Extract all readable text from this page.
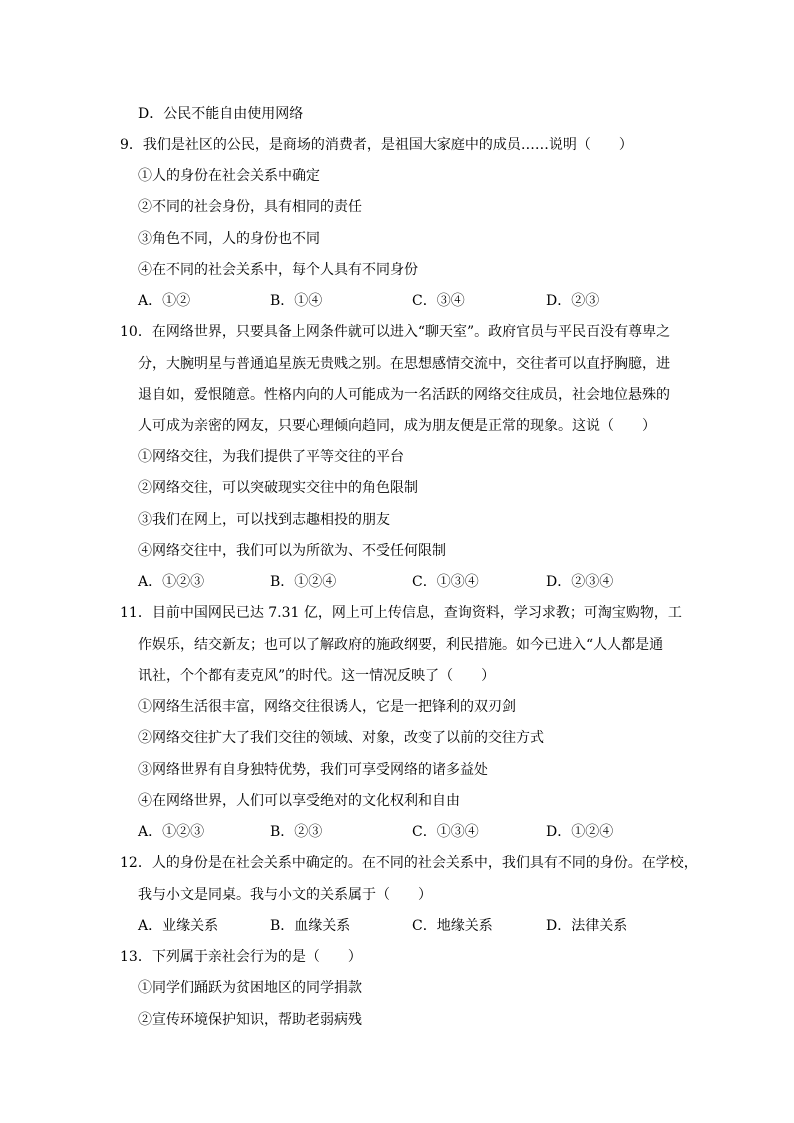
D．公民不能自由使用网络
9．我们是社区的公民，是商场的消费者，是祖国大家庭中的成员……说明（　　）
①人的身份在社会关系中确定
②不同的社会身份，具有相同的责任
③角色不同，人的身份也不同
④在不同的社会关系中，每个人具有不同身份
A．①②	B．①④	C．③④	D．②③
10．在网络世界，只要具备上网条件就可以进入“聊天室”。政府官员与平民百没有尊卑之
分，大腕明星与普通追星族无贵贱之别。在思想感情交流中，交往者可以直抒胸臆，进
退自如，爱恨随意。性格内向的人可能成为一名活跃的网络交往成员，社会地位悬殊的
人可成为亲密的网友，只要心理倾向趋同，成为朋友便是正常的现象。这说（　　）
①网络交往，为我们提供了平等交往的平台
②网络交往，可以突破现实交往中的角色限制
③我们在网上，可以找到志趣相投的朋友
④网络交往中，我们可以为所欲为、不受任何限制
A．①②③	B．①②④	C．①③④	D．②③④
11．目前中国网民已达 7.31 亿，网上可上传信息，查询资料，学习求教；可淘宝购物，工
作娱乐，结交新友；也可以了解政府的施政纲要，利民措施。如今已进入“人人都是通
讯社，个个都有麦克风”的时代。这一情况反映了（　　）
①网络生活很丰富，网络交往很诱人，它是一把锋利的双刃剑
②网络交往扩大了我们交往的领域、对象，改变了以前的交往方式
③网络世界有自身独特优势，我们可享受网络的诸多益处
④在网络世界，人们可以享受绝对的文化权利和自由
A．①②③	B．②③	C．①③④	D．①②④
12．人的身份是在社会关系中确定的。在不同的社会关系中，我们具有不同的身份。在学校，
我与小文是同桌。我与小文的关系属于（　　）
A．业缘关系	B．血缘关系	C．地缘关系	D．法律关系
13．下列属于亲社会行为的是（　　）
①同学们踊跃为贫困地区的同学捐款
②宣传环境保护知识，帮助老弱病残
